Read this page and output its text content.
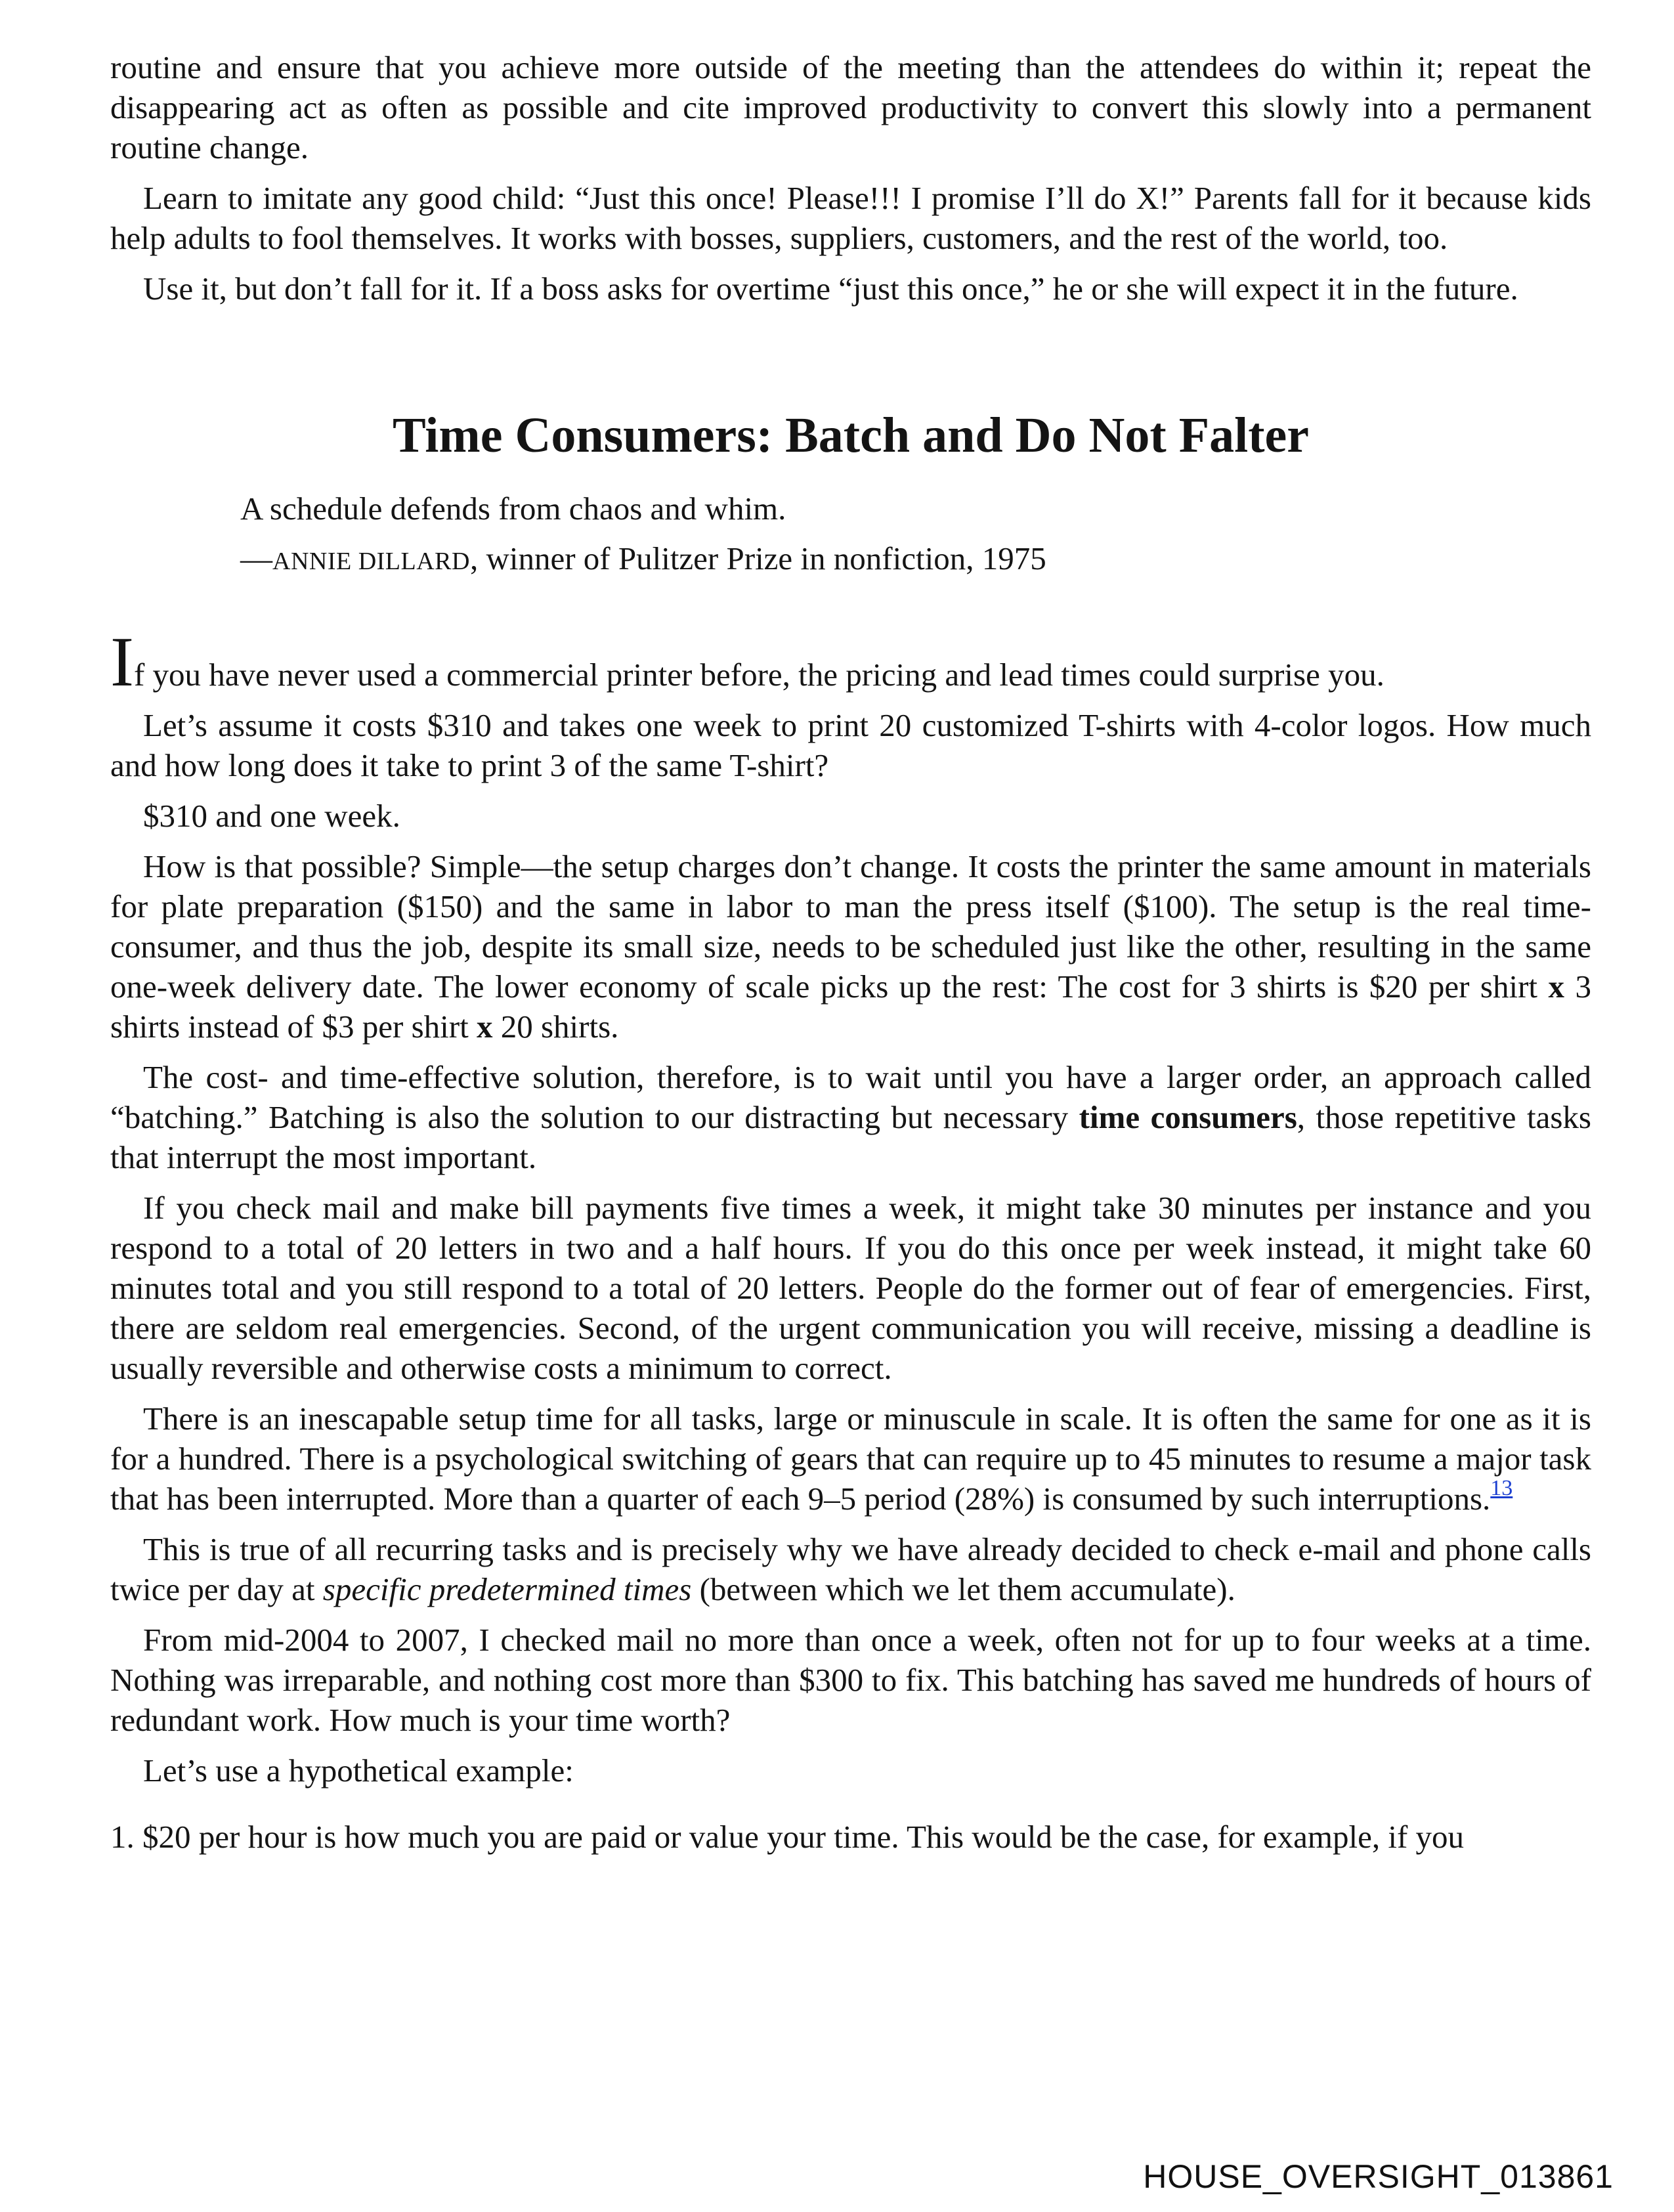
routine and ensure that you achieve more outside of the meeting than the attendees do within it; repeat the disappearing act as often as possible and cite improved productivity to convert this slowly into a permanent routine change.

Learn to imitate any good child: “Just this once! Please!!! I promise I’ll do X!” Parents fall for it because kids help adults to fool themselves. It works with bosses, suppliers, customers, and the rest of the world, too.

Use it, but don’t fall for it. If a boss asks for overtime “just this once,” he or she will expect it in the future.

Time Consumers: Batch and Do Not Falter
A schedule defends from chaos and whim.
—ANNIE DILLARD, winner of Pulitzer Prize in nonfiction, 1975

If you have never used a commercial printer before, the pricing and lead times could surprise you.

Let’s assume it costs $310 and takes one week to print 20 customized T-shirts with 4-color logos. How much and how long does it take to print 3 of the same T-shirt?

$310 and one week.

How is that possible? Simple—the setup charges don’t change. It costs the printer the same amount in materials for plate preparation ($150) and the same in labor to man the press itself ($100). The setup is the real time-consumer, and thus the job, despite its small size, needs to be scheduled just like the other, resulting in the same one-week delivery date. The lower economy of scale picks up the rest: The cost for 3 shirts is $20 per shirt x 3 shirts instead of $3 per shirt x 20 shirts.

The cost- and time-effective solution, therefore, is to wait until you have a larger order, an approach called “batching.” Batching is also the solution to our distracting but necessary time consumers, those repetitive tasks that interrupt the most important.

If you check mail and make bill payments five times a week, it might take 30 minutes per instance and you respond to a total of 20 letters in two and a half hours. If you do this once per week instead, it might take 60 minutes total and you still respond to a total of 20 letters. People do the former out of fear of emergencies. First, there are seldom real emergencies. Second, of the urgent communication you will receive, missing a deadline is usually reversible and otherwise costs a minimum to correct.

There is an inescapable setup time for all tasks, large or minuscule in scale. It is often the same for one as it is for a hundred. There is a psychological switching of gears that can require up to 45 minutes to resume a major task that has been interrupted. More than a quarter of each 9–5 period (28%) is consumed by such interruptions.$^{13}$

This is true of all recurring tasks and is precisely why we have already decided to check e-mail and phone calls twice per day at specific predetermined times (between which we let them accumulate).

From mid-2004 to 2007, I checked mail no more than once a week, often not for up to four weeks at a time. Nothing was irreparable, and nothing cost more than $300 to fix. This batching has saved me hundreds of hours of redundant work. How much is your time worth?

Let’s use a hypothetical example:

1. $20 per hour is how much you are paid or value your time. This would be the case, for example, if you

HOUSE_OVERSIGHT_013861
